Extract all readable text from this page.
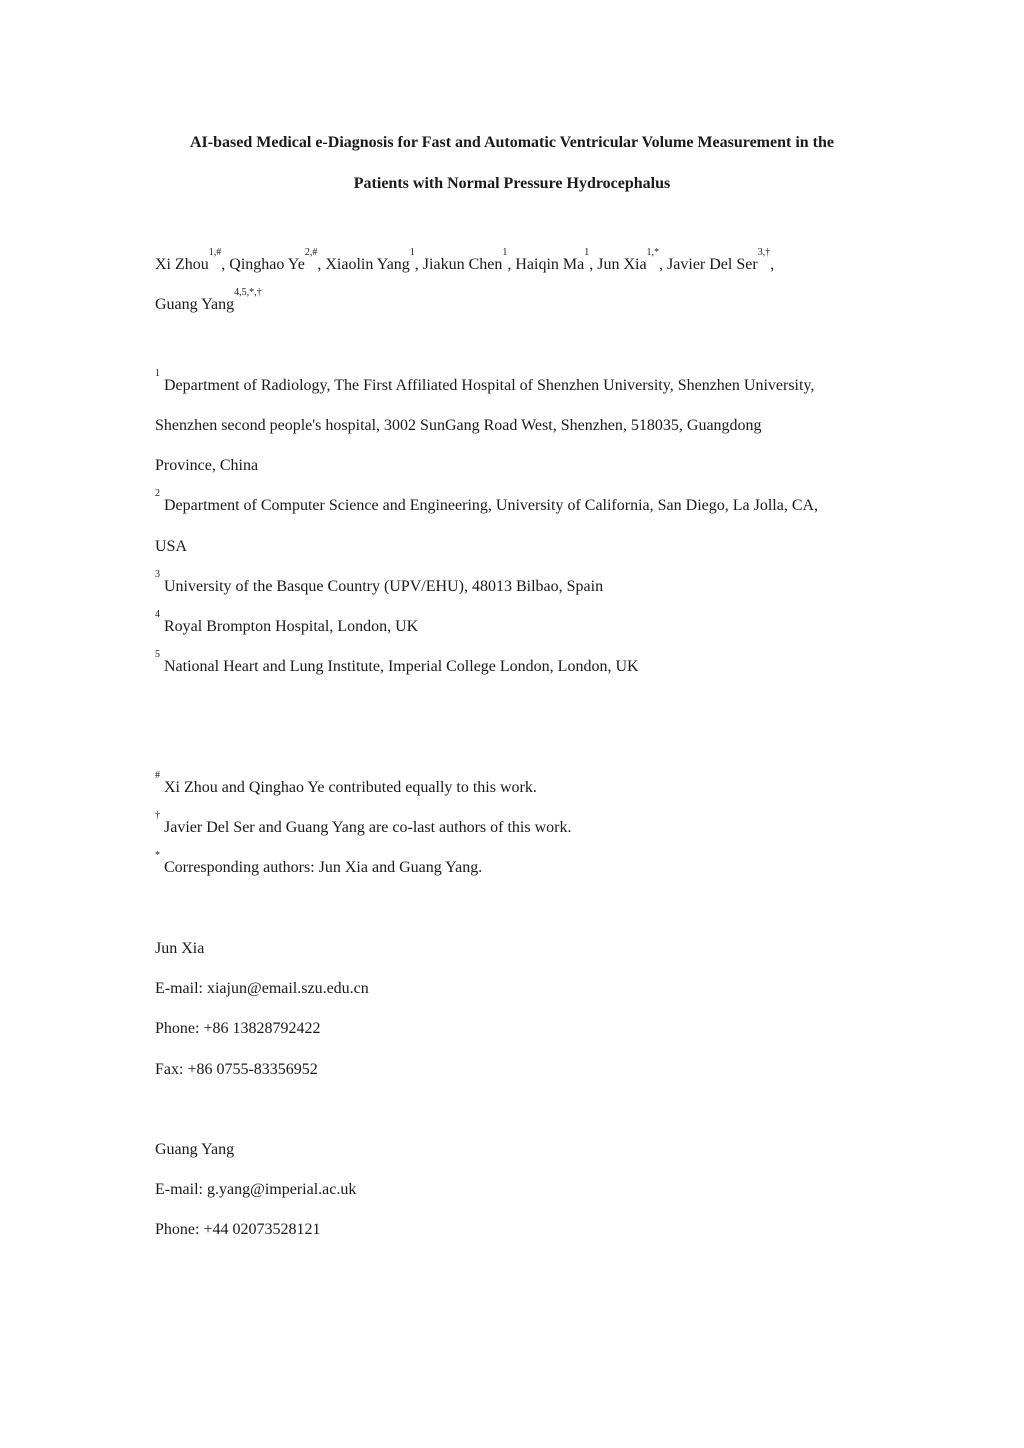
AI-based Medical e-Diagnosis for Fast and Automatic Ventricular Volume Measurement in the
Patients with Normal Pressure Hydrocephalus
Xi Zhou$^{1,\#}$, Qinghao $Ye^{2,\#}$, Xiaolin Yang$^1$, Jiakun Chen$^1$, Haiqin Ma$^1$, Jun Xia$^{1,*}$, Javier Del Ser$^{3,\dagger}$,
Guang Yang$^{4,5,*,\dagger}$
$^1$ Department of Radiology, The First Affiliated Hospital of Shenzhen University, Shenzhen University,
Shenzhen second people's hospital, 3002 SunGang Road West, Shenzhen, 518035, Guangdong
Province, China
$^2$ Department of Computer Science and Engineering, University of California, San Diego, La Jolla, CA,
USA
$^3$ University of the Basque Country (UPV/EHU), 48013 Bilbao, Spain
$^4$ Royal Brompton Hospital, London, UK
$^5$ National Heart and Lung Institute, Imperial College London, London, UK
# Xi Zhou and Qinghao Ye contributed equally to this work.
† Javier Del Ser and Guang Yang are co-last authors of this work.
* Corresponding authors: Jun Xia and Guang Yang.
Jun Xia
E-mail: xiajun@email.szu.edu.cn
Phone: +86 13828792422
Fax: +86 0755-83356952
Guang Yang
E-mail: g.yang@imperial.ac.uk
Phone: +44 02073528121
